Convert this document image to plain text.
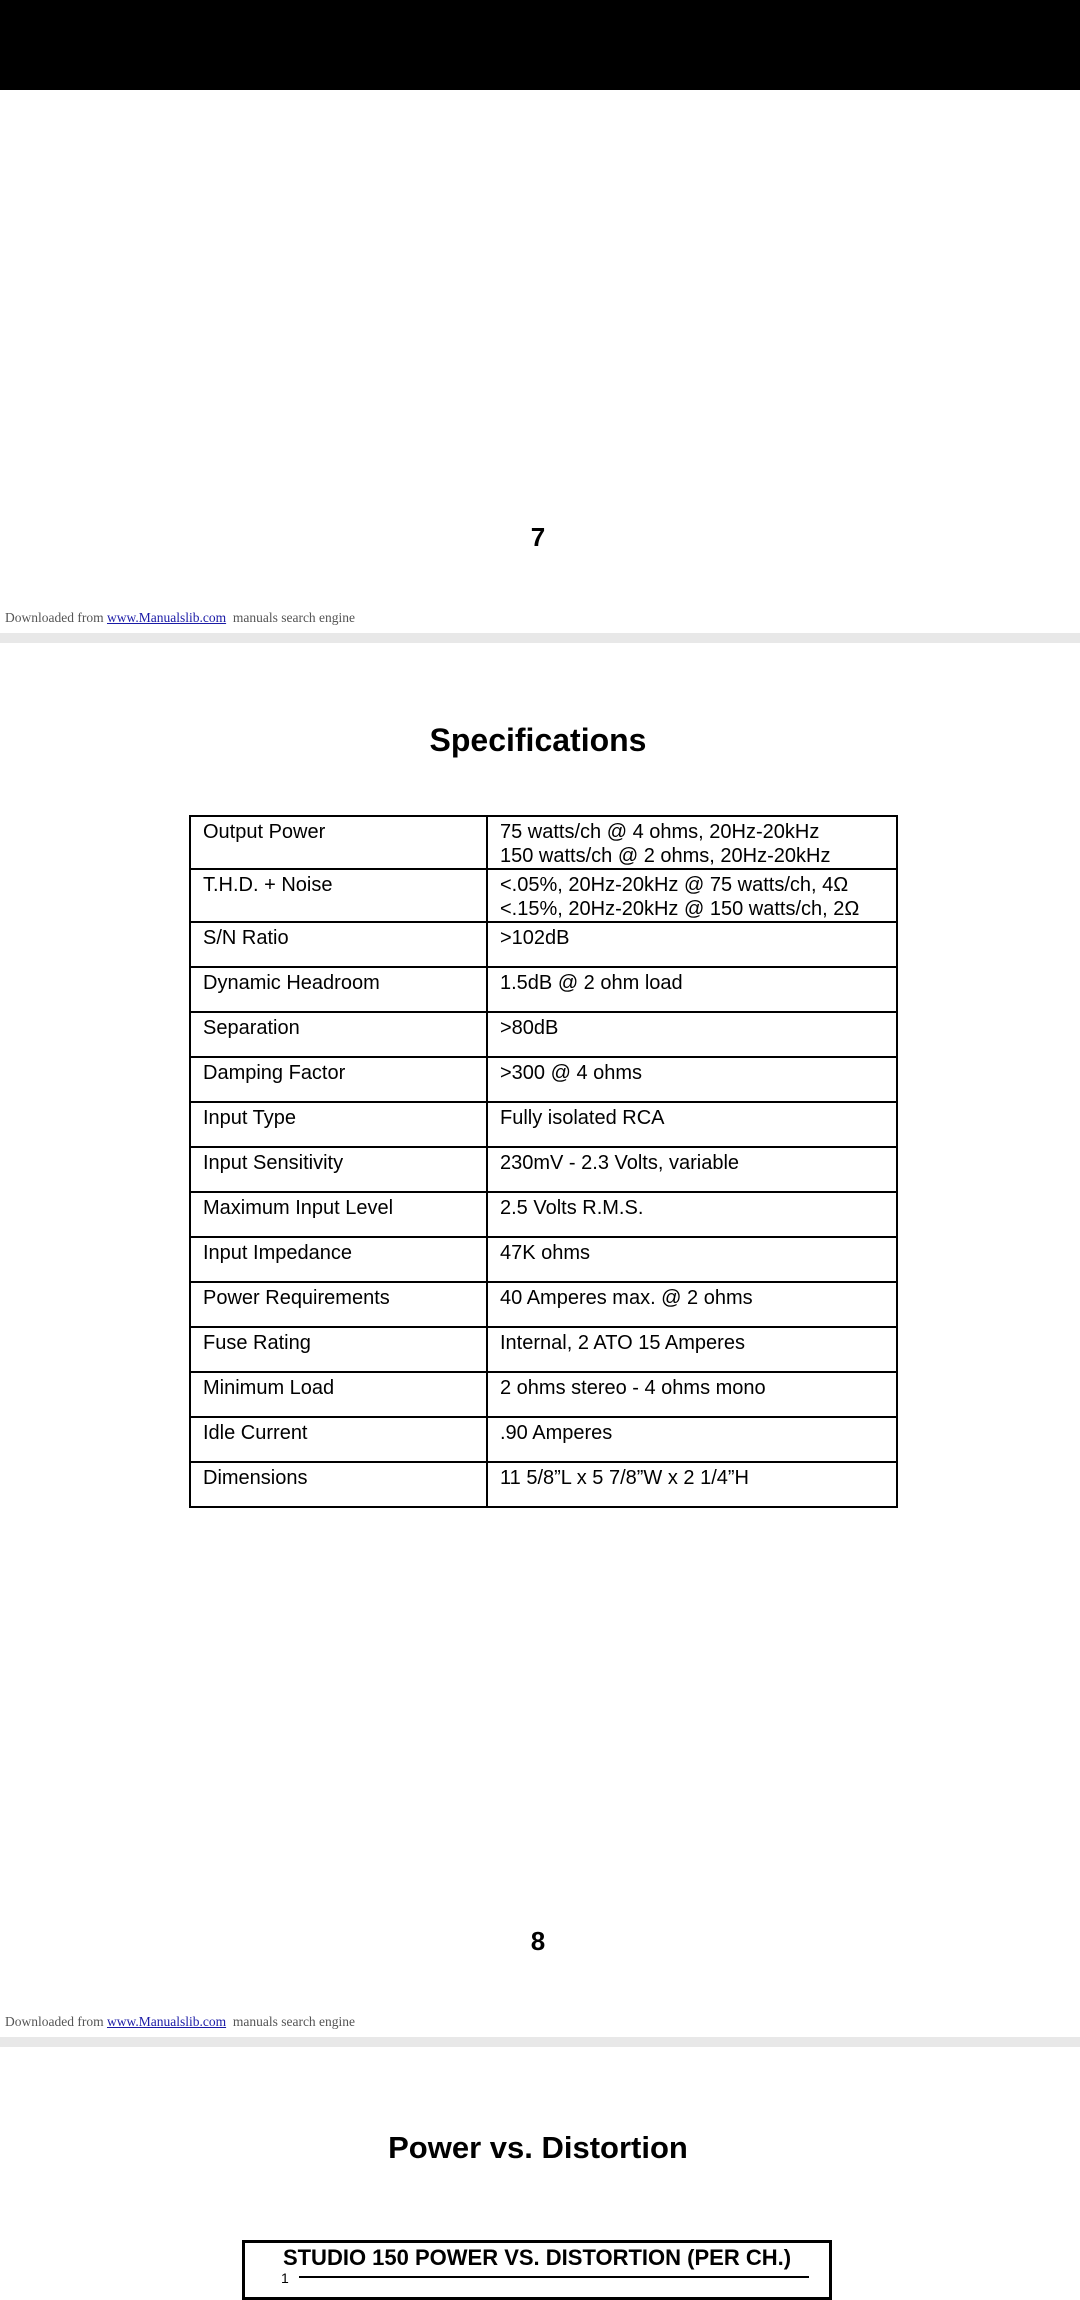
7
Downloaded from www.Manualslib.com manuals search engine
Specifications
Output Power	75 watts/ch @ 4 ohms, 20Hz-20kHz
150 watts/ch @ 2 ohms, 20Hz-20kHz

T.H.D. + Noise	<.05%, 20Hz-20kHz @ 75 watts/ch, 4Ω
<.15%, 20Hz-20kHz @ 150 watts/ch, 2Ω

S/N Ratio	>102dB

Dynamic Headroom	1.5dB @ 2 ohm load

Separation	>80dB

Damping Factor	>300 @ 4 ohms

Input Type	Fully isolated RCA

Input Sensitivity	230mV - 2.3 Volts, variable

Maximum Input Level	2.5 Volts R.M.S.

Input Impedance	47K ohms

Power Requirements	40 Amperes max. @ 2 ohms

Fuse Rating	Internal, 2 ATO 15 Amperes

Minimum Load	2 ohms stereo - 4 ohms mono

Idle Current	.90 Amperes

Dimensions	11 5/8”L x 5 7/8”W x 2 1/4”H
8
Downloaded from www.Manualslib.com manuals search engine
Power vs. Distortion
STUDIO 150 POWER VS. DISTORTION (PER CH.)
1
